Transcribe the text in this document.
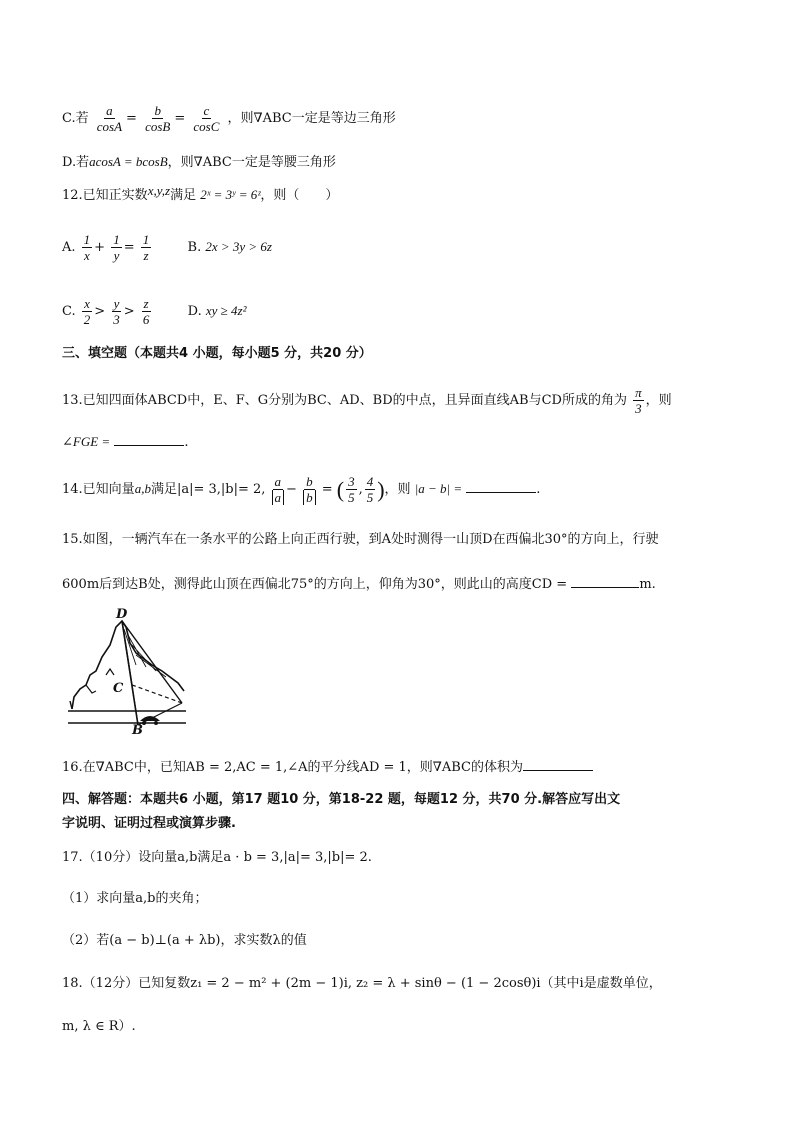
C.若 $\frac{a}{\cos A} = \frac{b}{\cos B} = \frac{c}{\cos C}$ ，则∇ABC一定是等边三角形
D.若acosA = bcosB，则∇ABC一定是等腰三角形
12.已知正实数x,y,z满足 2ˣ = 3ʸ = 6ᶻ，则（　　）
A. $\frac{1}{x} + \frac{1}{y} = \frac{1}{z}$	B. 2x > 3y > 6z
C. $\frac{x}{2} > \frac{y}{3} > \frac{z}{6}$	D. xy ≥ 4z²
三、填空题（本题共4 小题，每小题5 分，共20 分）
13.已知四面体ABCD中，E、F、G分别为BC、AD、BD的中点，且异面直线AB与CD所成的角为 $\frac{\pi}{3}$ ，则
∠FGE =	.
14.已知向量a,b满足|a|= 3,|b|= 2, $\frac{a}{a} - \frac{b}{b}$ = ( $\frac{3}{5}$ , $\frac{4}{5}$ )，则 |a − b| =	.
15.如图，一辆汽车在一条水平的公路上向正西行驶，到A处时测得一山顶D在西偏北30°的方向上，行驶
600m后到达B处，测得此山顶在西偏北75°的方向上，仰角为30°，则此山的高度CD =	m.
D
C
B
16.在∇ABC中，已知AB = 2,AC = 1,∠A的平分线AD = 1，则∇ABC的体积为
四、解答题：本题共6 小题，第17 题10 分，第18-22 题，每题12 分，共70 分.解答应写出文
字说明、证明过程或演算步骤.
17.（10分）设向量a,b满足a · b = 3,|a|= 3,|b|= 2.
（1）求向量a,b的夹角；
（2）若(a − b)⊥(a + λb)，求实数λ的值
18.（12分）已知复数z₁ = 2 − m² + (2m − 1)i, z₂ = λ + sinθ − (1 − 2cosθ)i（其中i是虚数单位，
m, λ ∈ R）.
